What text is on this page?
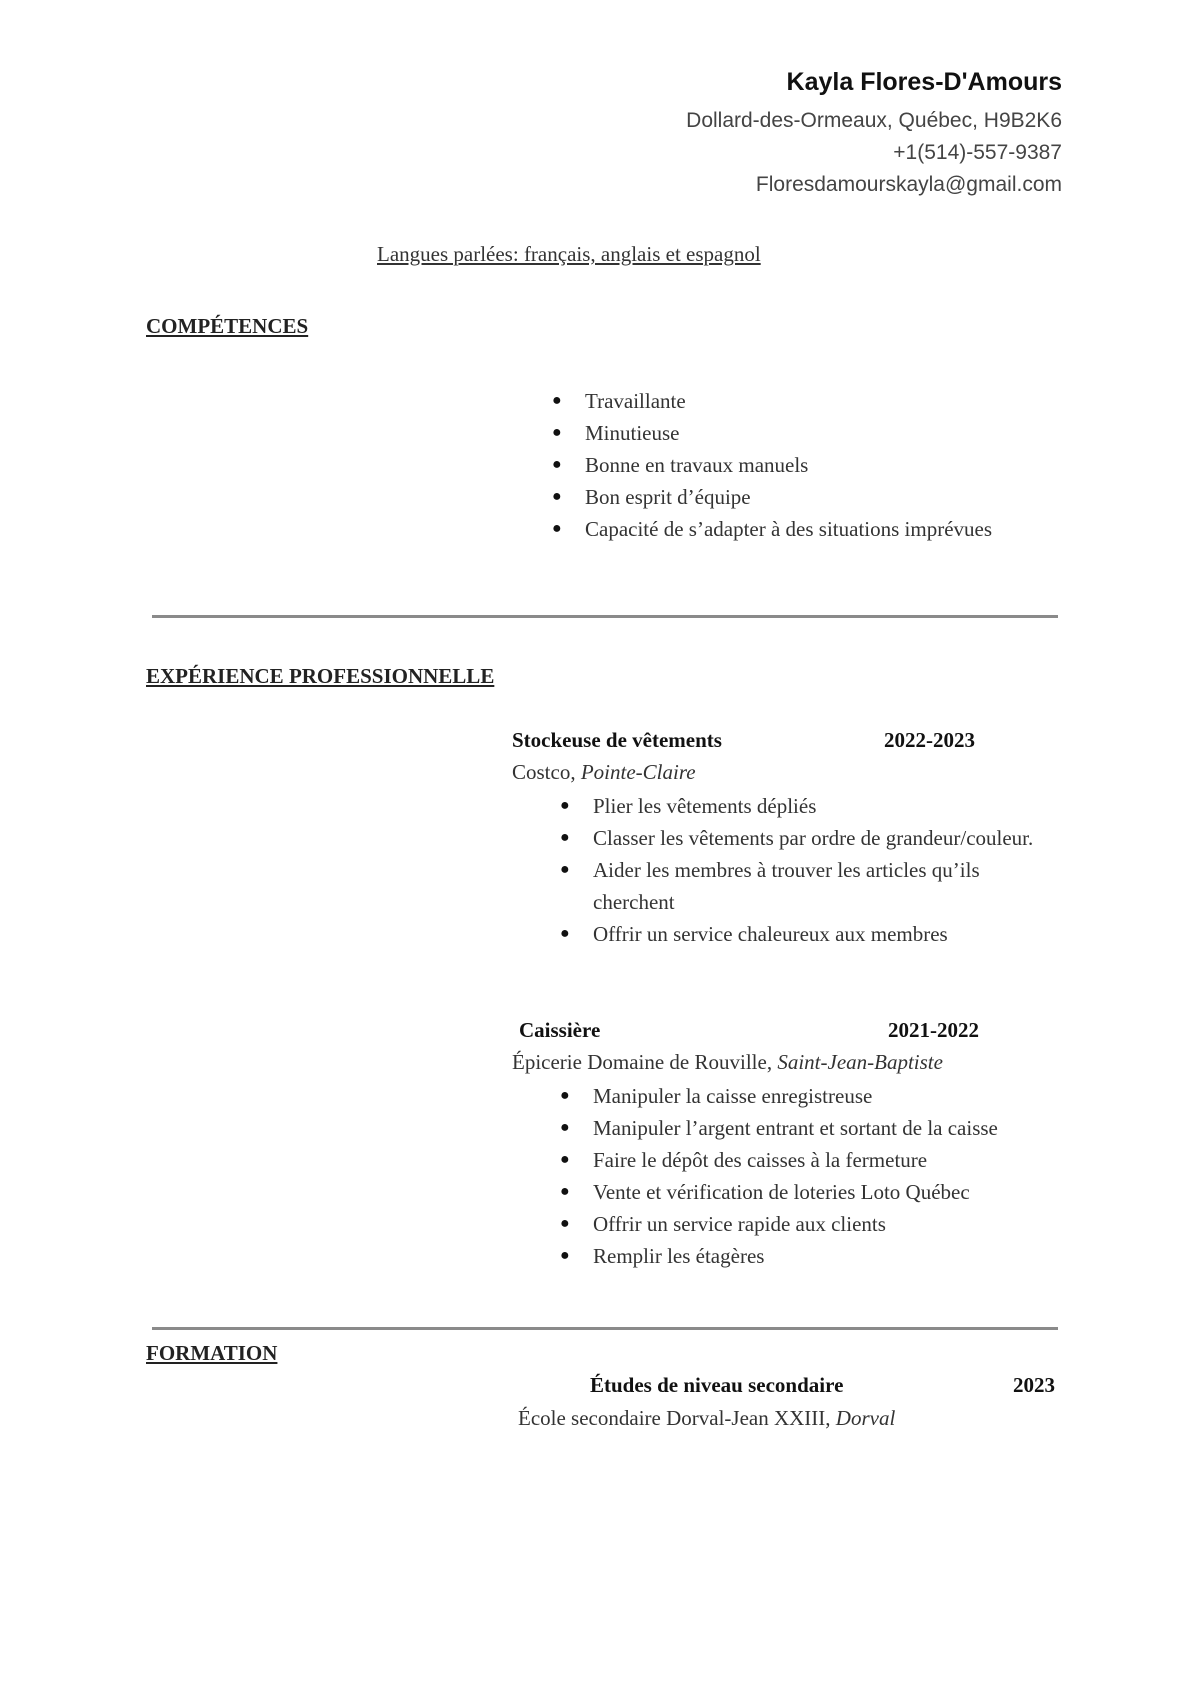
Kayla Flores-D'Amours
Dollard-des-Ormeaux, Québec, H9B2K6
+1(514)-557-9387
Floresdamourskayla@gmail.com
Langues parlées: français, anglais et espagnol
COMPÉTENCES
● Travaillante
● Minutieuse
● Bonne en travaux manuels
● Bon esprit d’équipe
● Capacité de s’adapter à des situations imprévues
EXPÉRIENCE PROFESSIONNELLE
Stockeuse de vêtements	2022-2023
Costco, Pointe-Claire
● Plier les vêtements dépliés
● Classer les vêtements par ordre de grandeur/couleur.
● Aider les membres à trouver les articles qu’ils cherchent
● Offrir un service chaleureux aux membres
Caissière	2021-2022
Épicerie Domaine de Rouville, Saint-Jean-Baptiste
● Manipuler la caisse enregistreuse
● Manipuler l’argent entrant et sortant de la caisse
● Faire le dépôt des caisses à la fermeture
● Vente et vérification de loteries Loto Québec
● Offrir un service rapide aux clients
● Remplir les étagères
FORMATION
Études de niveau secondaire	2023
École secondaire Dorval-Jean XXIII, Dorval
